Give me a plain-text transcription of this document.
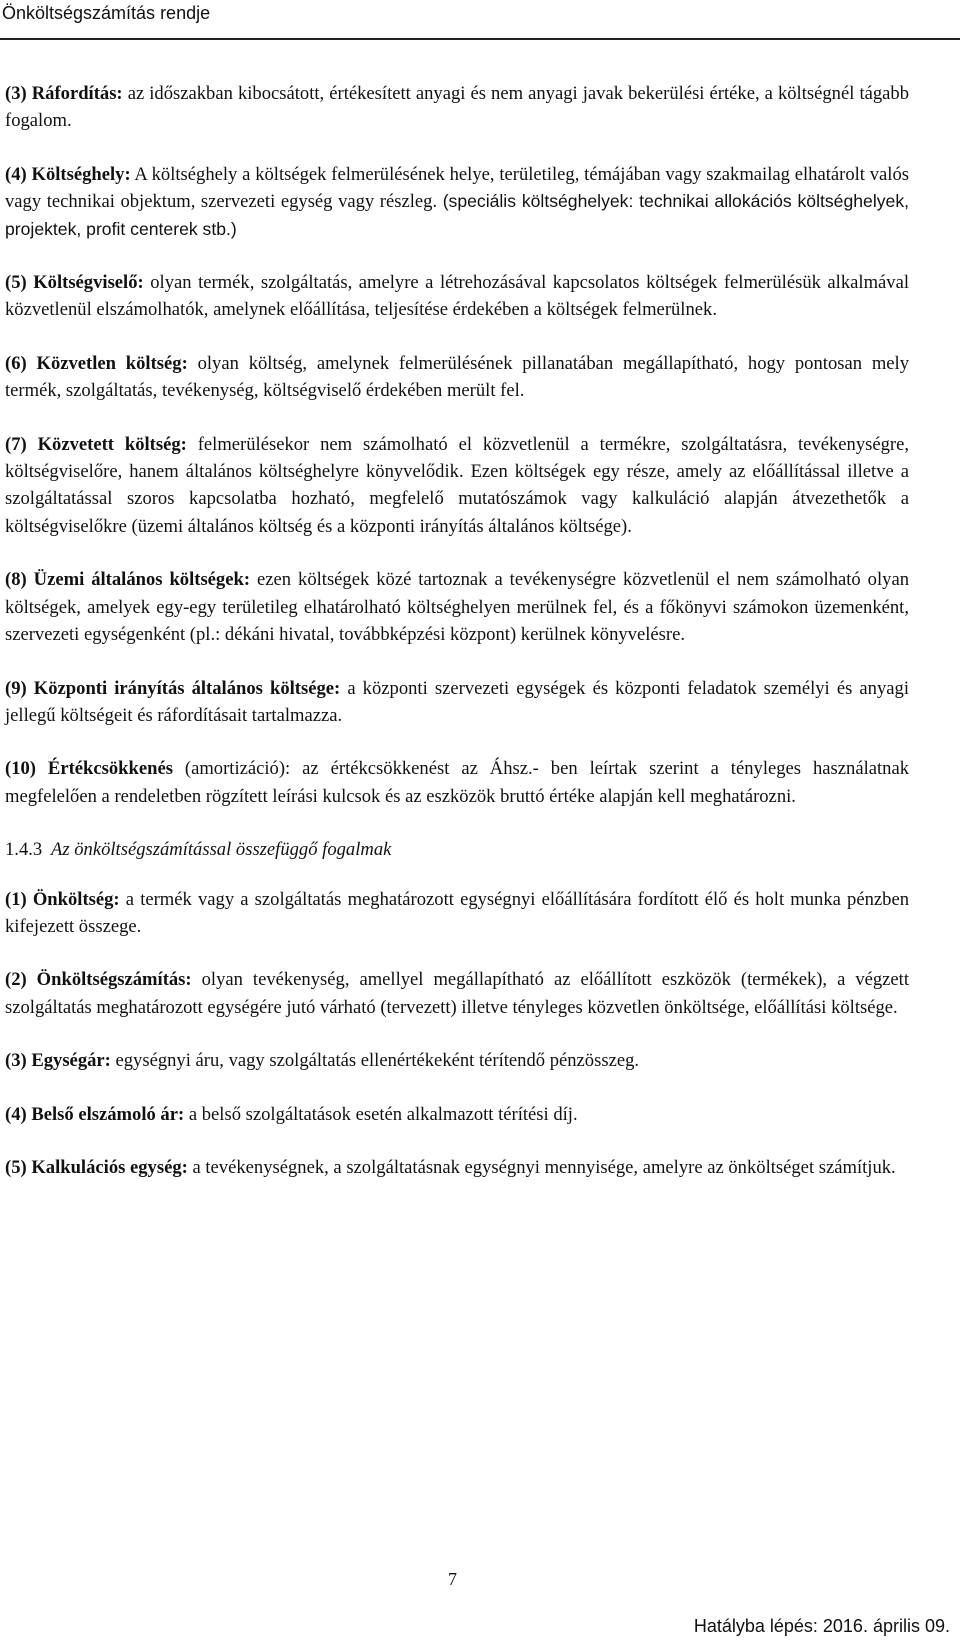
Önköltségszámítás rendje

(3) Ráfordítás: az időszakban kibocsátott, értékesített anyagi és nem anyagi javak bekerülési értéke, a költségnél tágabb fogalom.

(4) Költséghely: A költséghely a költségek felmerülésének helye, területileg, témájában vagy szakmailag elhatárolt valós vagy technikai objektum, szervezeti egység vagy részleg. (speciális költséghelyek: technikai allokációs költséghelyek, projektek, profit centerek stb.)

(5) Költségviselő: olyan termék, szolgáltatás, amelyre a létrehozásával kapcsolatos költségek felmerülésük alkalmával közvetlenül elszámolhatók, amelynek előállítása, teljesítése érdekében a költségek felmerülnek.

(6) Közvetlen költség: olyan költség, amelynek felmerülésének pillanatában megállapítható, hogy pontosan mely termék, szolgáltatás, tevékenység, költségviselő érdekében merült fel.

(7) Közvetett költség: felmerülésekor nem számolható el közvetlenül a termékre, szolgáltatásra, tevékenységre, költségviselőre, hanem általános költséghelyre könyvelődik. Ezen költségek egy része, amely az előállítással illetve a szolgáltatással szoros kapcsolatba hozható, megfelelő mutatószámok vagy kalkuláció alapján átvezethetők a költségviselőkre (üzemi általános költség és a központi irányítás általános költsége).

(8) Üzemi általános költségek: ezen költségek közé tartoznak a tevékenységre közvetlenül el nem számolható olyan költségek, amelyek egy-egy területileg elhatárolható költséghelyen merülnek fel, és a főkönyvi számokon üzemenként, szervezeti egységenként (pl.: dékáni hivatal, továbbképzési központ) kerülnek könyvelésre.

(9) Központi irányítás általános költsége: a központi szervezeti egységek és központi feladatok személyi és anyagi jellegű költségeit és ráfordításait tartalmazza.

(10) Értékcsökkenés (amortizáció): az értékcsökkenést az Áhsz.- ben leírtak szerint a tényleges használatnak megfelelően a rendeletben rögzített leírási kulcsok és az eszközök bruttó értéke alapján kell meghatározni.

1.4.3 Az önköltségszámítással összefüggő fogalmak

(1) Önköltség: a termék vagy a szolgáltatás meghatározott egységnyi előállítására fordított élő és holt munka pénzben kifejezett összege.

(2) Önköltségszámítás: olyan tevékenység, amellyel megállapítható az előállított eszközök (termékek), a végzett szolgáltatás meghatározott egységére jutó várható (tervezett) illetve tényleges közvetlen önköltsége, előállítási költsége.

(3) Egységár: egységnyi áru, vagy szolgáltatás ellenértékeként térítendő pénzösszeg.

(4) Belső elszámoló ár: a belső szolgáltatások esetén alkalmazott térítési díj.

(5) Kalkulációs egység: a tevékenységnek, a szolgáltatásnak egységnyi mennyisége, amelyre az önköltséget számítjuk.

7
Hatályba lépés: 2016. április 09.
